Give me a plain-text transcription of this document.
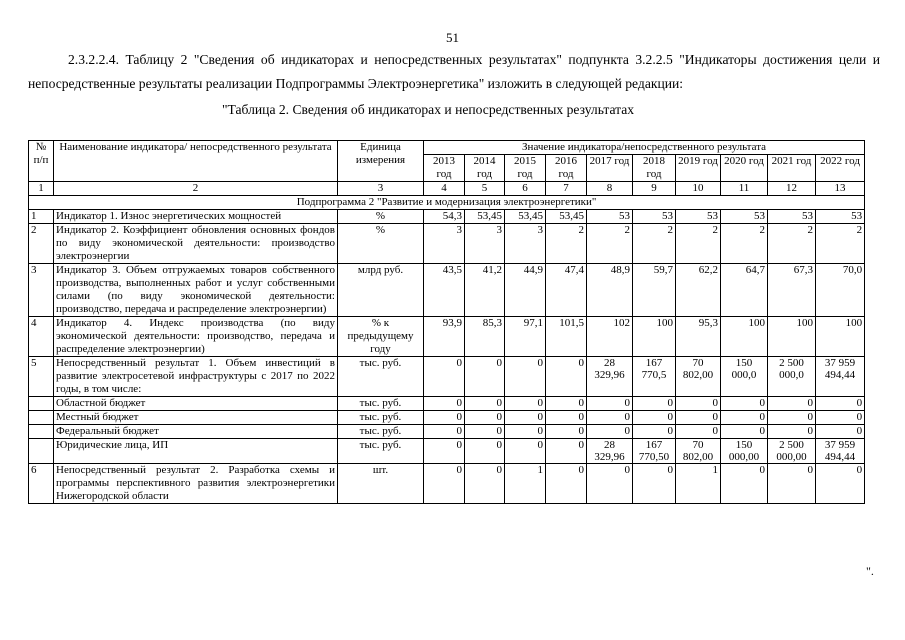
51
2.3.2.2.4. Таблицу 2 "Сведения об индикаторах и непосредственных результатах" подпункта 3.2.2.5 "Индикаторы достижения цели и непосредственные результаты реализации Подпрограммы Электроэнергетика" изложить в следующей редакции:
"Таблица 2. Сведения об индикаторах и непосредственных результатах
№ п/п	Наименование индикатора/ непосредственного результата	Единица измерения	Значение индикатора/непосредственного результата									
			2013 год	2014 год	2015 год	2016 год	2017 год	2018 год	2019 год	2020 год	2021 год	2022 год
1	2	3	4	5	6	7	8	9	10	11	12	13
Подпрограмма 2 "Развитие и модернизация электроэнергетики"												
1	Индикатор 1. Износ энергетических мощностей	%	54,3	53,45	53,45	53,45	53	53	53	53	53	53
2	Индикатор 2. Коэффициент обновления основных фондов по виду экономической деятельности: производство электроэнергии	%	3	3	3	2	2	2	2	2	2	2
3	Индикатор 3. Объем отгружаемых товаров собственного производства, выполненных работ и услуг собственными силами (по виду экономической деятельности: производство, передача и распределение электроэнергии)	млрд руб.	43,5	41,2	44,9	47,4	48,9	59,7	62,2	64,7	67,3	70,0
4	Индикатор 4. Индекс производства (по виду экономической деятельности: производство, передача и распределение электроэнергии)	% к предыдущему году	93,9	85,3	97,1	101,5	102	100	95,3	100	100	100
5	Непосредственный результат 1. Объем инвестиций в развитие электросетевой инфраструктуры с 2017 по 2022 годы, в том числе:	тыс. руб.	0	0	0	0	28 329,96	167 770,5	70 802,00	150 000,0	2 500 000,0	37 959 494,44
	Областной бюджет	тыс. руб.	0	0	0	0	0	0	0	0	0	0
	Местный бюджет	тыс. руб.	0	0	0	0	0	0	0	0	0	0
	Федеральный бюджет	тыс. руб.	0	0	0	0	0	0	0	0	0	0
	Юридические лица, ИП	тыс. руб.	0	0	0	0	28 329,96	167 770,50	70 802,00	150 000,00	2 500 000,00	37 959 494,44
6	Непосредственный результат 2. Разработка схемы и программы перспективного развития электроэнергетики Нижегородской области	шт.	0	0	1	0	0	0	1	0	0	0
".
